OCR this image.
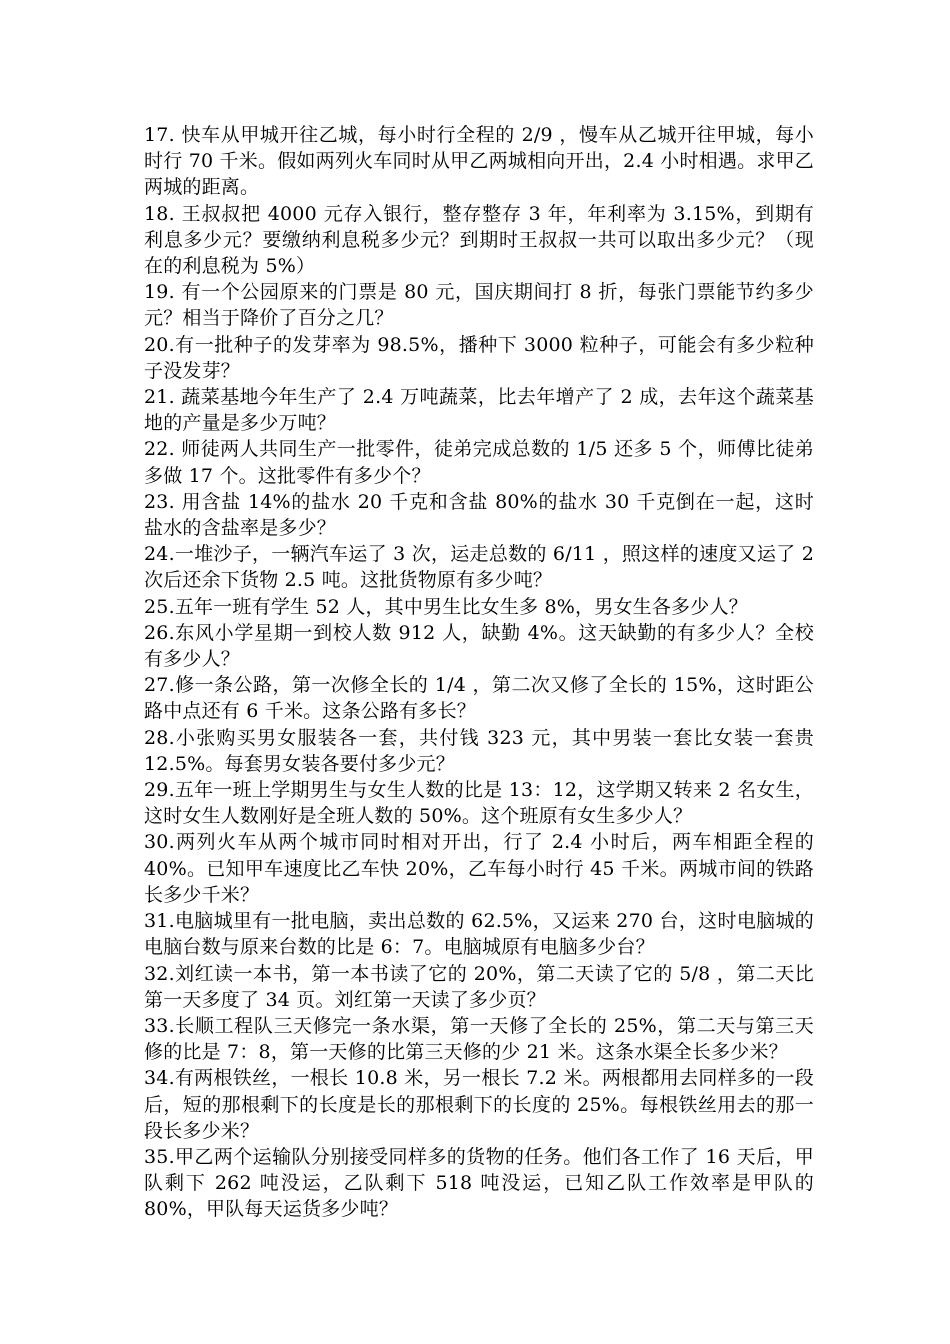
17. 快车从甲城开往乙城，每小时行全程的 2/9 ，慢车从乙城开往甲城，每小时行 70 千米。假如两列火车同时从甲乙两城相向开出，2.4 小时相遇。求甲乙两城的距离。

18. 王叔叔把 4000 元存入银行，整存整存 3 年，年利率为 3.15%，到期有利息多少元？要缴纳利息税多少元？到期时王叔叔一共可以取出多少元？（现在的利息税为 5%）

19. 有一个公园原来的门票是 80 元，国庆期间打 8 折，每张门票能节约多少元？相当于降价了百分之几？

20.有一批种子的发芽率为 98.5%，播种下 3000 粒种子，可能会有多少粒种子没发芽？

21. 蔬菜基地今年生产了 2.4 万吨蔬菜，比去年增产了 2 成，去年这个蔬菜基地的产量是多少万吨？

22. 师徒两人共同生产一批零件，徒弟完成总数的 1/5 还多 5 个，师傅比徒弟多做 17 个。这批零件有多少个？

23. 用含盐 14%的盐水 20 千克和含盐 80%的盐水 30 千克倒在一起，这时盐水的含盐率是多少？

24.一堆沙子，一辆汽车运了 3 次，运走总数的 6/11 ，照这样的速度又运了 2 次后还余下货物 2.5 吨。这批货物原有多少吨？

25.五年一班有学生 52 人，其中男生比女生多 8%，男女生各多少人？

26.东风小学星期一到校人数 912 人，缺勤 4%。这天缺勤的有多少人？全校有多少人？

27.修一条公路，第一次修全长的 1/4 ，第二次又修了全长的 15%，这时距公路中点还有 6 千米。这条公路有多长？

28.小张购买男女服装各一套，共付钱 323 元，其中男装一套比女装一套贵 12.5%。每套男女装各要付多少元？

29.五年一班上学期男生与女生人数的比是 13：12，这学期又转来 2 名女生，这时女生人数刚好是全班人数的 50%。这个班原有女生多少人？

30.两列火车从两个城市同时相对开出，行了 2.4 小时后，两车相距全程的 40%。已知甲车速度比乙车快 20%，乙车每小时行 45 千米。两城市间的铁路长多少千米？

31.电脑城里有一批电脑，卖出总数的 62.5%，又运来 270 台，这时电脑城的电脑台数与原来台数的比是 6：7。电脑城原有电脑多少台？

32.刘红读一本书，第一本书读了它的 20%，第二天读了它的 5/8 ，第二天比第一天多度了 34 页。刘红第一天读了多少页？

33.长顺工程队三天修完一条水渠，第一天修了全长的 25%，第二天与第三天修的比是 7：8，第一天修的比第三天修的少 21 米。这条水渠全长多少米？

34.有两根铁丝，一根长 10.8 米，另一根长 7.2 米。两根都用去同样多的一段后，短的那根剩下的长度是长的那根剩下的长度的 25%。每根铁丝用去的那一段长多少米？

35.甲乙两个运输队分别接受同样多的货物的任务。他们各工作了 16 天后，甲队剩下 262 吨没运，乙队剩下 518 吨没运，已知乙队工作效率是甲队的 80%，甲队每天运货多少吨？
